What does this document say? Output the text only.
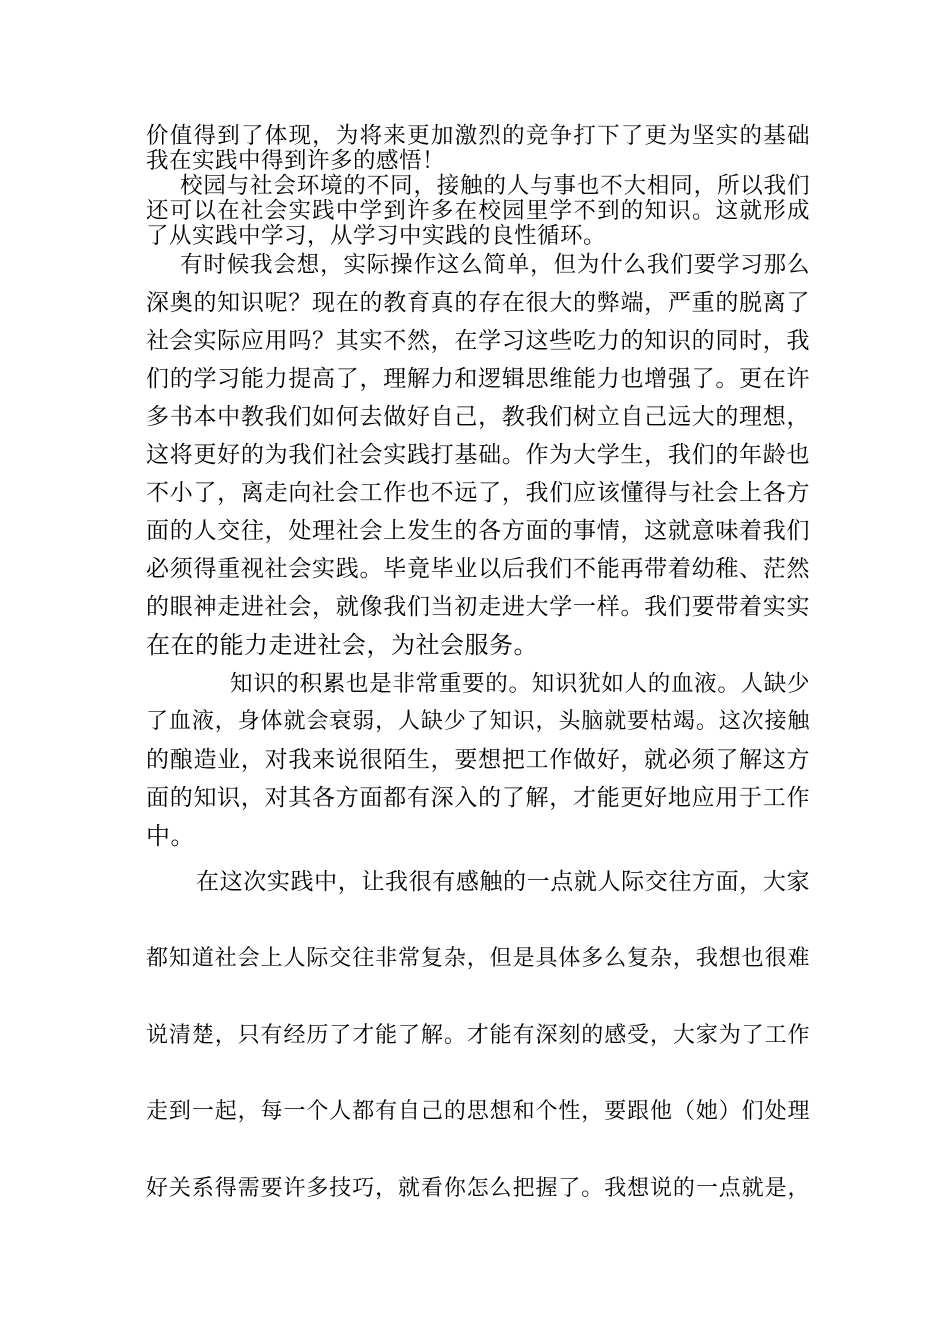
价值得到了体现，为将来更加激烈的竞争打下了更为坚实的基础
我在实践中得到许多的感悟！
校园与社会环境的不同，接触的人与事也不大相同，所以我们
还可以在社会实践中学到许多在校园里学不到的知识。这就形成
了从实践中学习，从学习中实践的良性循环。
有时候我会想，实际操作这么简单，但为什么我们要学习那么
深奥的知识呢？现在的教育真的存在很大的弊端，严重的脱离了
社会实际应用吗？其实不然，在学习这些吃力的知识的同时，我
们的学习能力提高了，理解力和逻辑思维能力也增强了。更在许
多书本中教我们如何去做好自己，教我们树立自己远大的理想，
这将更好的为我们社会实践打基础。作为大学生，我们的年龄也
不小了，离走向社会工作也不远了，我们应该懂得与社会上各方
面的人交往，处理社会上发生的各方面的事情，这就意味着我们
必须得重视社会实践。毕竟毕业以后我们不能再带着幼稚、茫然
的眼神走进社会，就像我们当初走进大学一样。我们要带着实实
在在的能力走进社会，为社会服务。
知识的积累也是非常重要的。知识犹如人的血液。人缺少
了血液，身体就会衰弱，人缺少了知识，头脑就要枯竭。这次接触
的酿造业，对我来说很陌生，要想把工作做好，就必须了解这方
面的知识，对其各方面都有深入的了解，才能更好地应用于工作
中。
在这次实践中，让我很有感触的一点就人际交往方面，大家
都知道社会上人际交往非常复杂，但是具体多么复杂，我想也很难
说清楚，只有经历了才能了解。才能有深刻的感受，大家为了工作
走到一起，每一个人都有自己的思想和个性，要跟他（她）们处理
好关系得需要许多技巧，就看你怎么把握了。我想说的一点就是，
